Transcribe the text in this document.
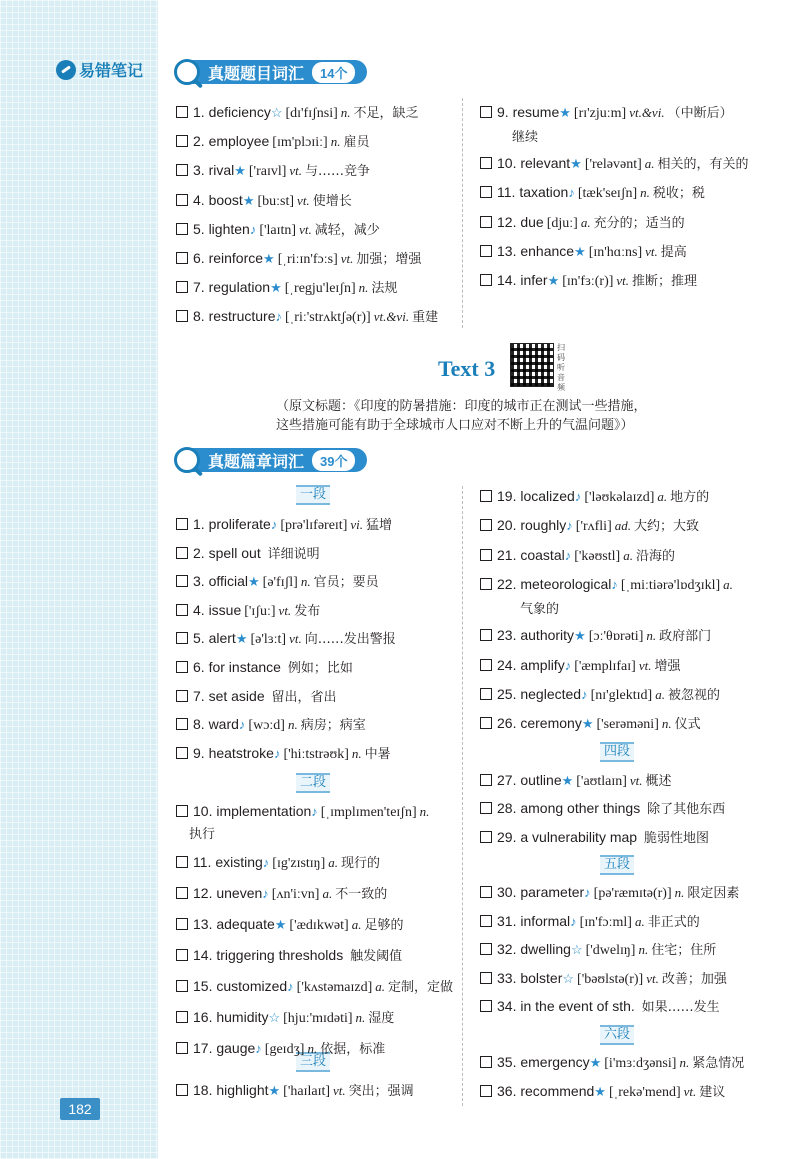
易错笔记
182
真题题目词汇	14个
继续
Text 3
扫码听音频
（原文标题：《印度的防暑措施：印度的城市正在测试一些措施，
这些措施可能有助于全球城市人口应对不断上升的气温问题》）
真题篇章词汇	39个
一段
二段
三段
四段
五段
六段
执行
气象的
1. deficiency☆ [dɪ'fɪʃnsi] n. 不足，缺乏
2. employee [ɪm'plɔɪiː] n. 雇员
3. rival★ ['raɪvl] vt. 与……竞争
4. boost★ [buːst] vt. 使增长
5. lighten♪ ['laɪtn] vt. 减轻，减少
6. reinforce★ [ˌriːɪn'fɔːs] vt. 加强；增强
7. regulation★ [ˌregju'leɪʃn] n. 法规
8. restructure♪ [ˌriː'strʌktʃə(r)] vt.&vi. 重建
9. resume★ [rɪ'zjuːm] vt.&vi. （中断后）
10. relevant★ ['reləvənt] a. 相关的，有关的
11. taxation♪ [tæk'seɪʃn] n. 税收；税
12. due [djuː] a. 充分的；适当的
13. enhance★ [ɪn'hɑːns] vt. 提高
14. infer★ [ɪn'fɜː(r)] vt. 推断；推理
1. proliferate♪ [prə'lɪfəreɪt] vi. 猛增
2. spell out 详细说明
3. official★ [ə'fɪʃl] n. 官员；要员
4. issue ['ɪʃuː] vt. 发布
5. alert★ [ə'lɜːt] vt. 向……发出警报
6. for instance 例如；比如
7. set aside 留出，省出
8. ward♪ [wɔːd] n. 病房；病室
9. heatstroke♪ ['hiːtstrəʊk] n. 中暑
10. implementation♪ [ˌɪmplɪmen'teɪʃn] n.
11. existing♪ [ɪg'zɪstɪŋ] a. 现行的
12. uneven♪ [ʌn'iːvn] a. 不一致的
13. adequate★ ['ædɪkwət] a. 足够的
14. triggering thresholds 触发阈值
15. customized♪ ['kʌstəmaɪzd] a. 定制，定做
16. humidity☆ [hjuː'mɪdəti] n. 湿度
17. gauge♪ [geɪdʒ] n. 依据，标准
18. highlight★ ['haɪlaɪt] vt. 突出；强调
19. localized♪ ['ləʊkəlaɪzd] a. 地方的
20. roughly♪ ['rʌfli] ad. 大约；大致
21. coastal♪ ['kəʊstl] a. 沿海的
22. meteorological♪ [ˌmiːtiərə'lɒdʒɪkl] a.
23. authority★ [ɔː'θɒrəti] n. 政府部门
24. amplify♪ ['æmplɪfaɪ] vt. 增强
25. neglected♪ [nɪ'glektɪd] a. 被忽视的
26. ceremony★ ['serəməni] n. 仪式
27. outline★ ['aʊtlaɪn] vt. 概述
28. among other things 除了其他东西
29. a vulnerability map 脆弱性地图
30. parameter♪ [pə'ræmɪtə(r)] n. 限定因素
31. informal♪ [ɪn'fɔːml] a. 非正式的
32. dwelling☆ ['dwelɪŋ] n. 住宅；住所
33. bolster☆ ['bəʊlstə(r)] vt. 改善；加强
34. in the event of sth. 如果……发生
35. emergency★ [i'mɜːdʒənsi] n. 紧急情况
36. recommend★ [ˌrekə'mend] vt. 建议
